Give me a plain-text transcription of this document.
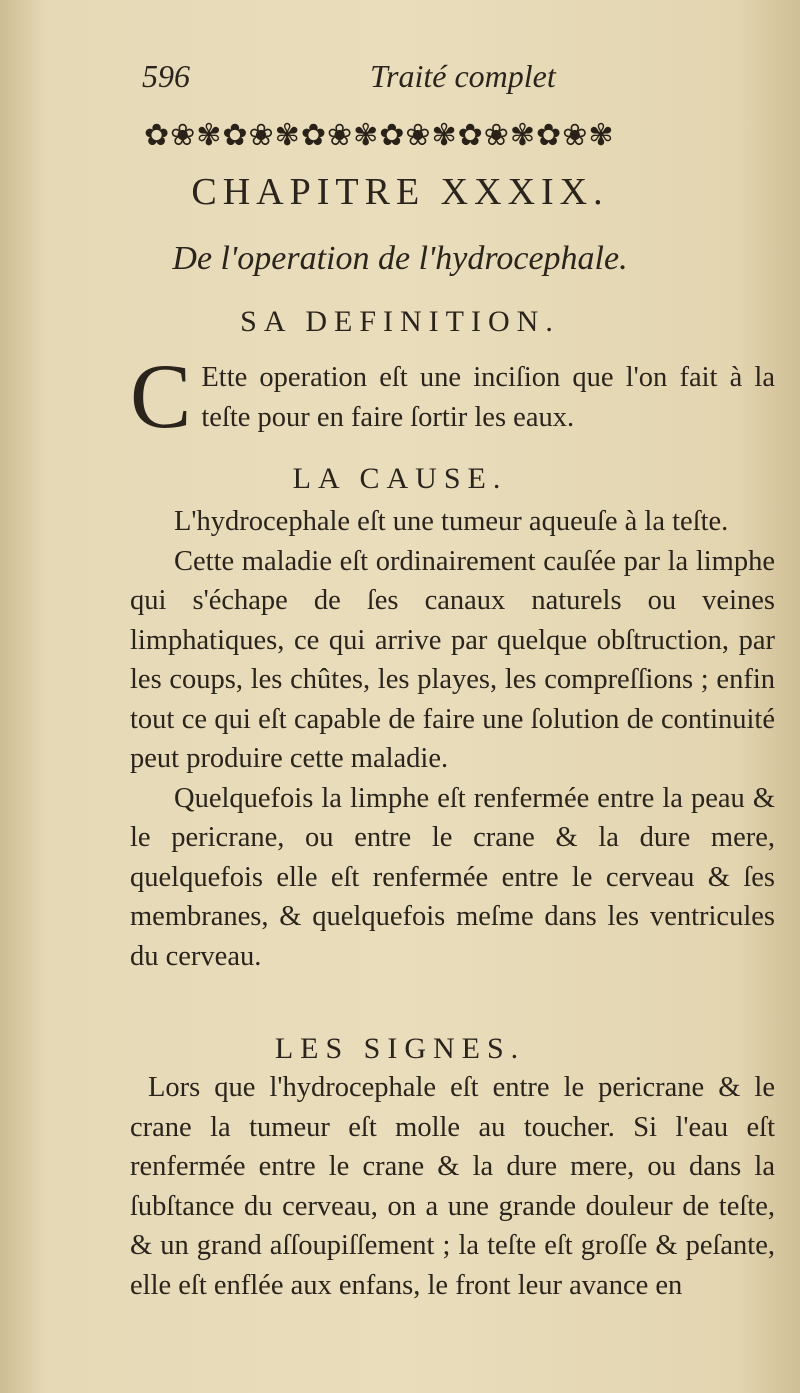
596	Traité complet
✿❀✾✿❀✾✿❀✾✿❀✾✿❀✾✿❀✾
CHAPITRE XXXIX.
De l'operation de l'hydrocephale.
SA DEFINITION.
C Ette operation eſt une inciſion que l'on fait à la teſte pour en faire ſortir les eaux.

LA CAUSE.

L'hydrocephale eſt une tumeur aqueuſe à la teſte.

Cette maladie eſt ordinairement cauſée par la limphe qui s'échape de ſes canaux naturels ou veines limphatiques, ce qui arrive par quelque obſtruction, par les coups, les chûtes, les playes, les compreſſions ; enfin tout ce qui eſt capable de faire une ſolution de continuité peut produire cette maladie.

Quelquefois la limphe eſt renfermée entre la peau & le pericrane, ou entre le crane & la dure mere, quelquefois elle eſt renfermée entre le cerveau & ſes membranes, & quelquefois meſme dans les ventricules du cerveau.

LES SIGNES.

Lors que l'hydrocephale eſt entre le pericrane & le crane la tumeur eſt molle au toucher. Si l'eau eſt renfermée entre le crane & la dure mere, ou dans la ſubſtance du cerveau, on a une grande douleur de teſte, & un grand aſſoupiſſement ; la teſte eſt groſſe & peſante, elle eſt enflée aux enfans, le front leur avance en
